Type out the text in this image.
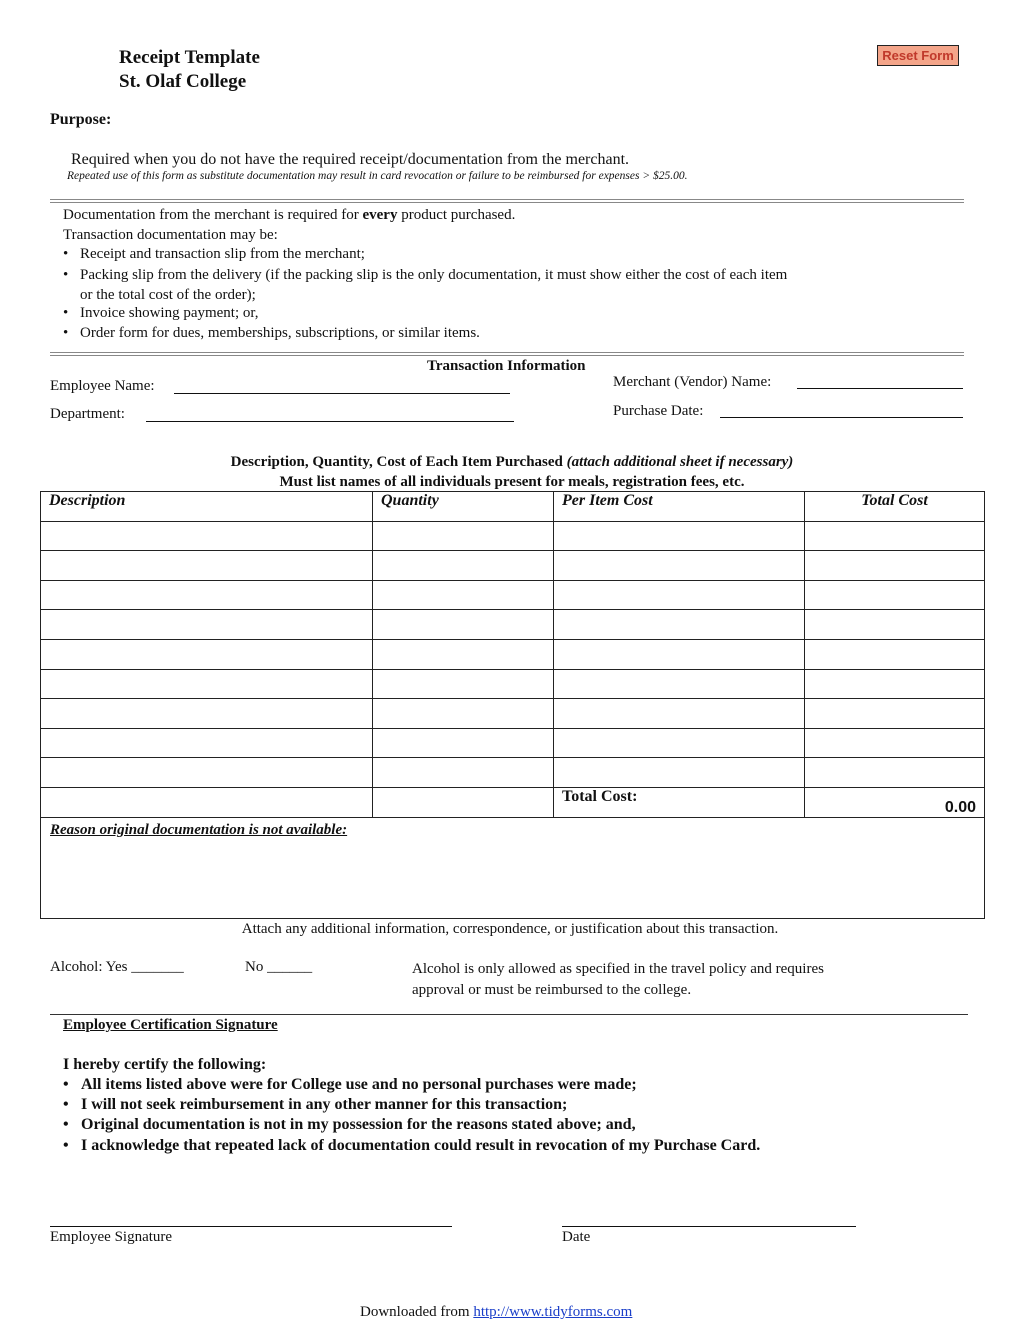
Receipt Template
St. Olaf College
Reset Form
Purpose:
Required when you do not have the required receipt/documentation from the merchant.
Repeated use of this form as substitute documentation may result in card revocation or failure to be reimbursed for expenses > $25.00.
Documentation from the merchant is required for every product purchased.
Transaction documentation may be:
• Receipt and transaction slip from the merchant;
• Packing slip from the delivery (if the packing slip is the only documentation, it must show either the cost of each item
or the total cost of the order);
• Invoice showing payment; or,
• Order form for dues, memberships, subscriptions, or similar items.
Transaction Information
Employee Name:
Department:
Merchant (Vendor) Name:
Purchase Date:
Description, Quantity, Cost of Each Item Purchased (attach additional sheet if necessary)
Must list names of all individuals present for meals, registration fees, etc.
Description	Quantity	Per Item Cost	Total Cost

		Total Cost:	0.00
Reason original documentation is not available:
Attach any additional information, correspondence, or justification about this transaction.
Alcohol: Yes _______	No ______	Alcohol is only allowed as specified in the travel policy and requires
approval or must be reimbursed to the college.
Employee Certification Signature
I hereby certify the following:
• All items listed above were for College use and no personal purchases were made;
• I will not seek reimbursement in any other manner for this transaction;
• Original documentation is not in my possession for the reasons stated above; and,
• I acknowledge that repeated lack of documentation could result in revocation of my Purchase Card.
Employee Signature	Date
Downloaded from http://www.tidyforms.com
